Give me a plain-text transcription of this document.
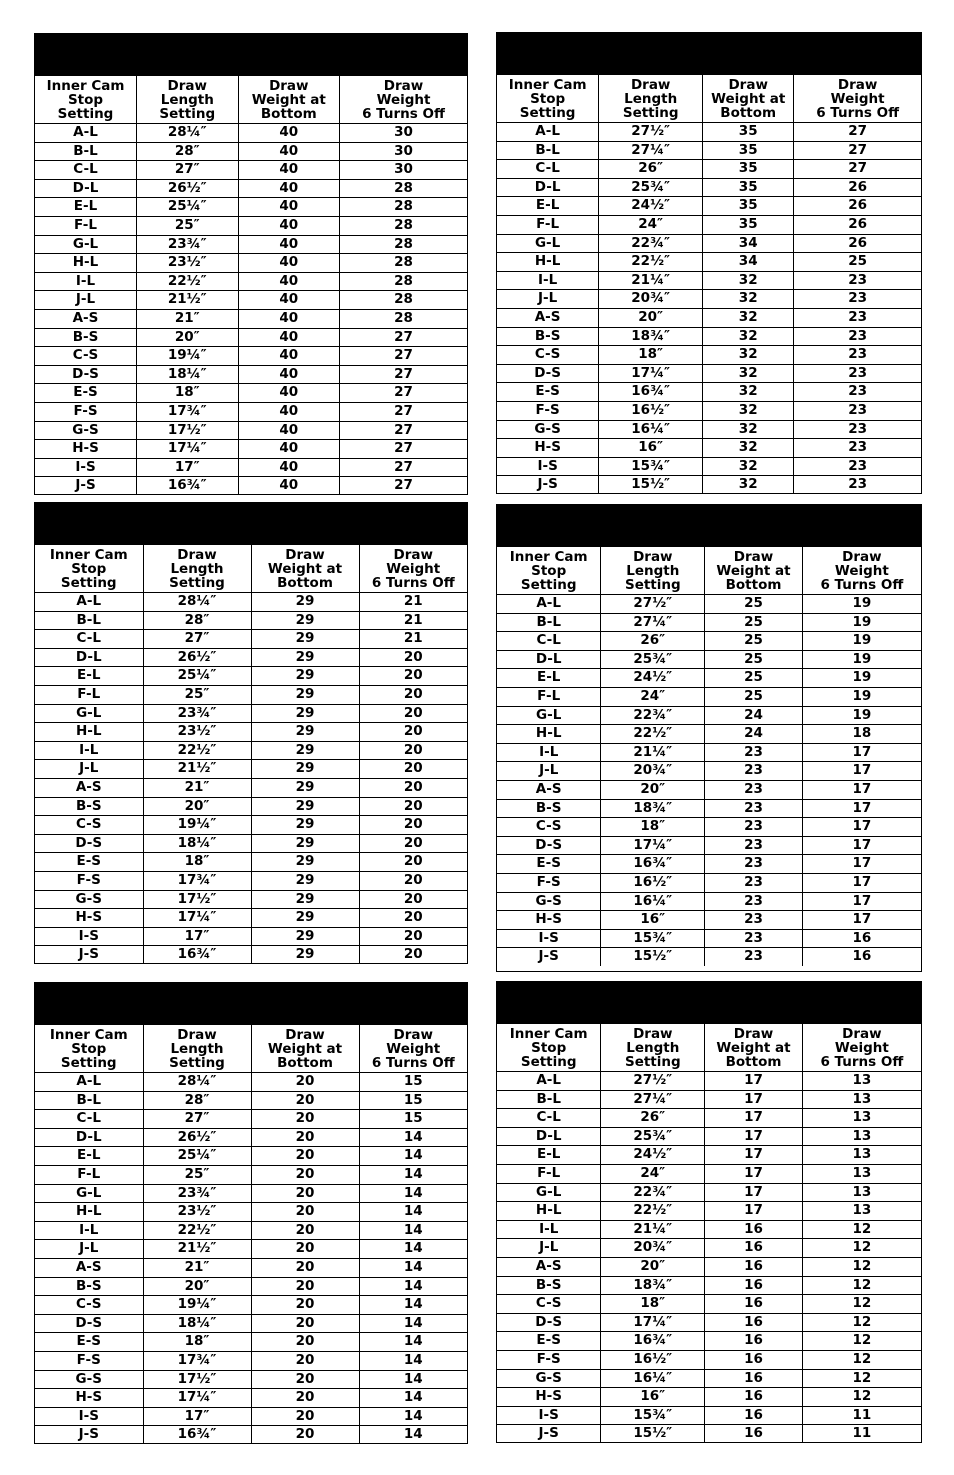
Inner Cam
Stop
Setting	Draw
Length
Setting	Draw
Weight at
Bottom	Draw
Weight
6 Turns Off
A-L	28¼″	40	30
B-L	28″	40	30
C-L	27″	40	30
D-L	26½″	40	28
E-L	25¼″	40	28
F-L	25″	40	28
G-L	23¾″	40	28
H-L	23½″	40	28
I-L	22½″	40	28
J-L	21½″	40	28
A-S	21″	40	28
B-S	20″	40	27
C-S	19¼″	40	27
D-S	18¼″	40	27
E-S	18″	40	27
F-S	17¾″	40	27
G-S	17½″	40	27
H-S	17¼″	40	27
I-S	17″	40	27
J-S	16¾″	40	27
Inner Cam
Stop
Setting	Draw
Length
Setting	Draw
Weight at
Bottom	Draw
Weight
6 Turns Off
A-L	27½″	35	27
B-L	27¼″	35	27
C-L	26″	35	27
D-L	25¾″	35	26
E-L	24½″	35	26
F-L	24″	35	26
G-L	22¾″	34	26
H-L	22½″	34	25
I-L	21¼″	32	23
J-L	20¾″	32	23
A-S	20″	32	23
B-S	18¾″	32	23
C-S	18″	32	23
D-S	17¼″	32	23
E-S	16¾″	32	23
F-S	16½″	32	23
G-S	16¼″	32	23
H-S	16″	32	23
I-S	15¾″	32	23
J-S	15½″	32	23
Inner Cam
Stop
Setting	Draw
Length
Setting	Draw
Weight at
Bottom	Draw
Weight
6 Turns Off
A-L	28¼″	29	21
B-L	28″	29	21
C-L	27″	29	21
D-L	26½″	29	20
E-L	25¼″	29	20
F-L	25″	29	20
G-L	23¾″	29	20
H-L	23½″	29	20
I-L	22½″	29	20
J-L	21½″	29	20
A-S	21″	29	20
B-S	20″	29	20
C-S	19¼″	29	20
D-S	18¼″	29	20
E-S	18″	29	20
F-S	17¾″	29	20
G-S	17½″	29	20
H-S	17¼″	29	20
I-S	17″	29	20
J-S	16¾″	29	20
Inner Cam
Stop
Setting	Draw
Length
Setting	Draw
Weight at
Bottom	Draw
Weight
6 Turns Off
A-L	27½″	25	19
B-L	27¼″	25	19
C-L	26″	25	19
D-L	25¾″	25	19
E-L	24½″	25	19
F-L	24″	25	19
G-L	22¾″	24	19
H-L	22½″	24	18
I-L	21¼″	23	17
J-L	20¾″	23	17
A-S	20″	23	17
B-S	18¾″	23	17
C-S	18″	23	17
D-S	17¼″	23	17
E-S	16¾″	23	17
F-S	16½″	23	17
G-S	16¼″	23	17
H-S	16″	23	17
I-S	15¾″	23	16
J-S	15½″	23	16
Inner Cam
Stop
Setting	Draw
Length
Setting	Draw
Weight at
Bottom	Draw
Weight
6 Turns Off
A-L	28¼″	20	15
B-L	28″	20	15
C-L	27″	20	15
D-L	26½″	20	14
E-L	25¼″	20	14
F-L	25″	20	14
G-L	23¾″	20	14
H-L	23½″	20	14
I-L	22½″	20	14
J-L	21½″	20	14
A-S	21″	20	14
B-S	20″	20	14
C-S	19¼″	20	14
D-S	18¼″	20	14
E-S	18″	20	14
F-S	17¾″	20	14
G-S	17½″	20	14
H-S	17¼″	20	14
I-S	17″	20	14
J-S	16¾″	20	14
Inner Cam
Stop
Setting	Draw
Length
Setting	Draw
Weight at
Bottom	Draw
Weight
6 Turns Off
A-L	27½″	17	13
B-L	27¼″	17	13
C-L	26″	17	13
D-L	25¾″	17	13
E-L	24½″	17	13
F-L	24″	17	13
G-L	22¾″	17	13
H-L	22½″	17	13
I-L	21¼″	16	12
J-L	20¾″	16	12
A-S	20″	16	12
B-S	18¾″	16	12
C-S	18″	16	12
D-S	17¼″	16	12
E-S	16¾″	16	12
F-S	16½″	16	12
G-S	16¼″	16	12
H-S	16″	16	12
I-S	15¾″	16	11
J-S	15½″	16	11
